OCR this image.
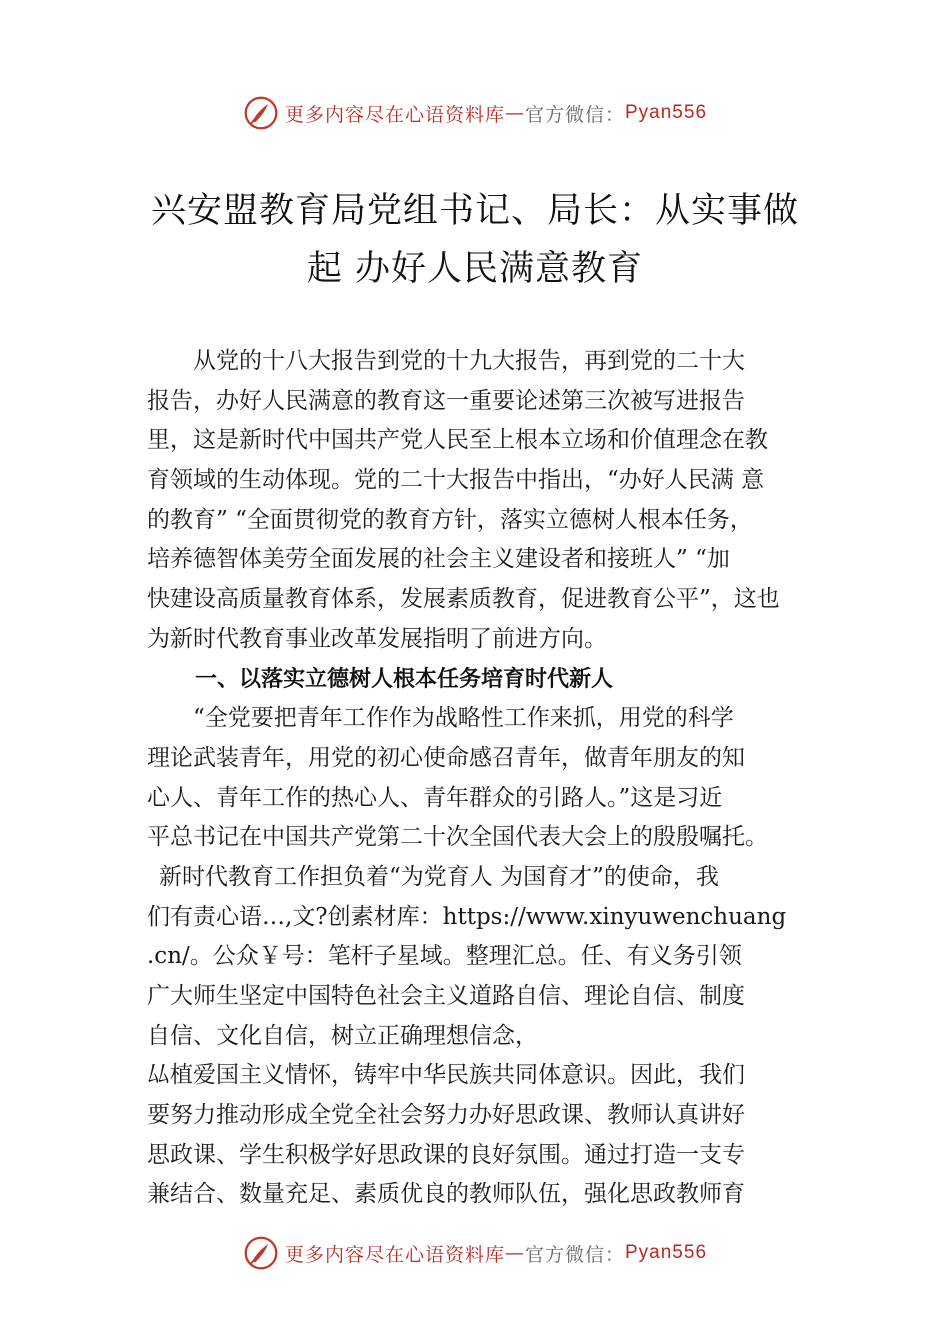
更多内容尽在心语资料库 — 官方微信： Pyan556
兴安盟教育局党组书记、局长：从实事做
起 办好人民满意教育
从党的十八大报告到党的十九大报告，再到党的二十大
报告，办好人民满意的教育这一重要论述第三次被写进报告
里，这是新时代中国共产党人民至上根本立场和价值理念在教
育领域的生动体现。党的二十大报告中指出，“办好人民满 意
的教育” “全面贯彻党的教育方针，落实立德树人根本任务，
培养德智体美劳全面发展的社会主义建设者和接班人” “加
快建设高质量教育体系，发展素质教育，促进教育公平”，这也
为新时代教育事业改革发展指明了前进方向。
一、以落实立德树人根本任务培育时代新人
“全党要把青年工作作为战略性工作来抓，用党的科学
理论武装青年，用党的初心使命感召青年，做青年朋友的知
心人、青年工作的热心人、青年群众的引路人。”这是习近
平总书记在中国共产党第二十次全国代表大会上的殷殷嘱托。
新时代教育工作担负着“为党育人 为国育才”的使命，我
们有责心语…,文?创素材库：https://www.xinyuwenchuang
.cn/。公众￥号：笔杆子星域。整理汇总。任、有义务引领
广大师生坚定中国特色社会主义道路自信、理论自信、制度
自信、文化自信，树立正确理想信念，
厸植爱国主义情怀，铸牢中华民族共同体意识。因此，我们
要努力推动形成全党全社会努力办好思政课、教师认真讲好
思政课、学生积极学好思政课的良好氛围。通过打造一支专
兼结合、数量充足、素质优良的教师队伍，强化思政教师育
更多内容尽在心语资料库 — 官方微信： Pyan556
